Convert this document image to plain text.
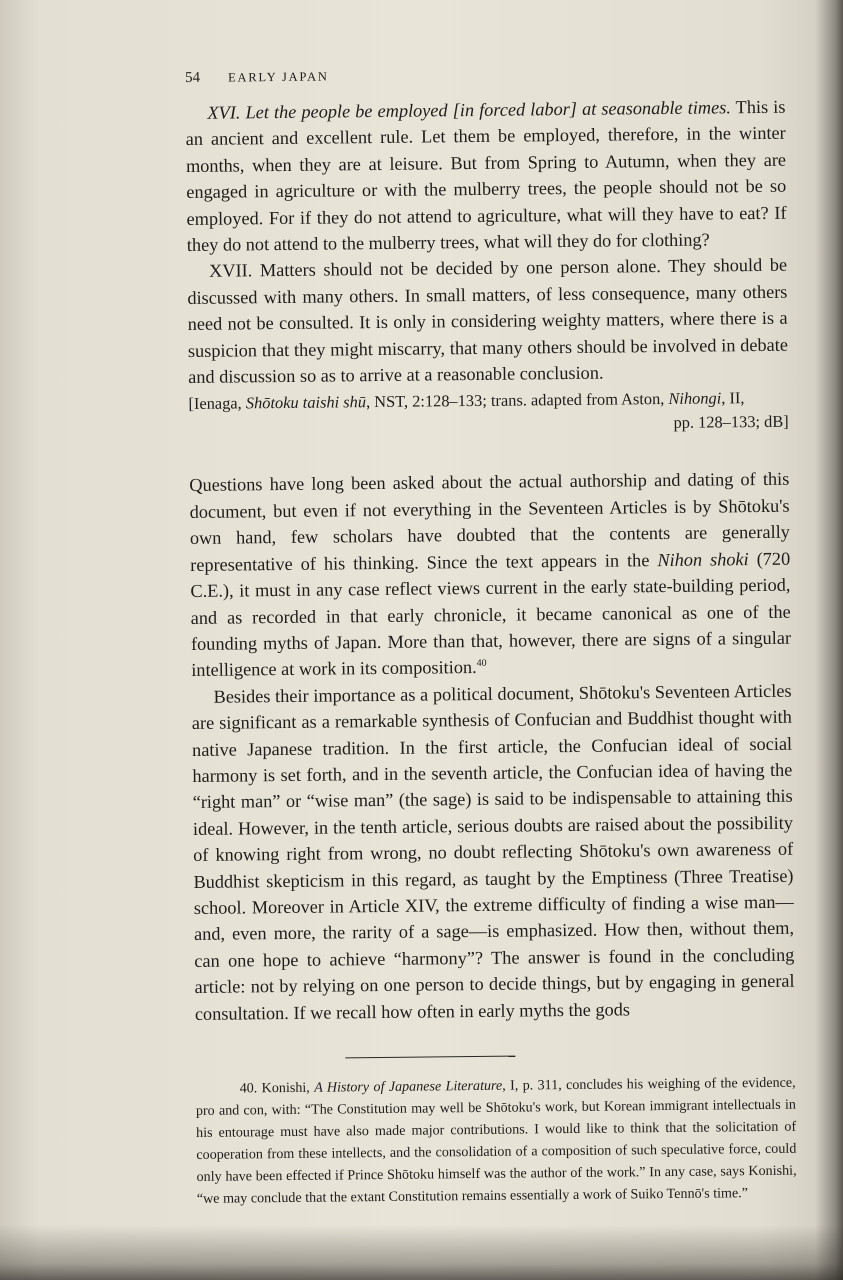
54 EARLY JAPAN

XVI. Let the people be employed [in forced labor] at seasonable times. This is an ancient and excellent rule. Let them be employed, therefore, in the winter months, when they are at leisure. But from Spring to Autumn, when they are engaged in agriculture or with the mulberry trees, the people should not be so employed. For if they do not attend to agriculture, what will they have to eat? If they do not attend to the mulberry trees, what will they do for clothing?

XVII. Matters should not be decided by one person alone. They should be discussed with many others. In small matters, of less consequence, many others need not be consulted. It is only in considering weighty matters, where there is a suspicion that they might miscarry, that many others should be involved in debate and discussion so as to arrive at a reasonable conclusion.

[Ienaga, Shōtoku taishi shū, NST, 2:128–133; trans. adapted from Aston, Nihongi, II,
pp. 128–133; dB]

Questions have long been asked about the actual authorship and dating of this document, but even if not everything in the Seventeen Articles is by Shōtoku's own hand, few scholars have doubted that the contents are generally representative of his thinking. Since the text appears in the Nihon shoki (720 C.E.), it must in any case reflect views current in the early state-building period, and as recorded in that early chronicle, it became canonical as one of the founding myths of Japan. More than that, however, there are signs of a singular intelligence at work in its composition.$^{40}$

Besides their importance as a political document, Shōtoku's Seventeen Articles are significant as a remarkable synthesis of Confucian and Buddhist thought with native Japanese tradition. In the first article, the Confucian ideal of social harmony is set forth, and in the seventh article, the Confucian idea of having the “right man” or “wise man” (the sage) is said to be indispensable to attaining this ideal. However, in the tenth article, serious doubts are raised about the possibility of knowing right from wrong, no doubt reflecting Shōtoku's own awareness of Buddhist skepticism in this regard, as taught by the Emptiness (Three Treatise) school. Moreover in Article XIV, the extreme difficulty of finding a wise man—and, even more, the rarity of a sage—is emphasized. How then, without them, can one hope to achieve “harmony”? The answer is found in the concluding article: not by relying on one person to decide things, but by engaging in general consultation. If we recall how often in early myths the gods

40. Konishi, A History of Japanese Literature, I, p. 311, concludes his weighing of the evidence, pro and con, with: “The Constitution may well be Shōtoku's work, but Korean immigrant intellectuals in his entourage must have also made major contributions. I would like to think that the solicitation of cooperation from these intellects, and the consolidation of a composition of such speculative force, could only have been effected if Prince Shōtoku himself was the author of the work.” In any case, says Konishi, “we may conclude that the extant Constitution remains essentially a work of Suiko Tennō's time.”
